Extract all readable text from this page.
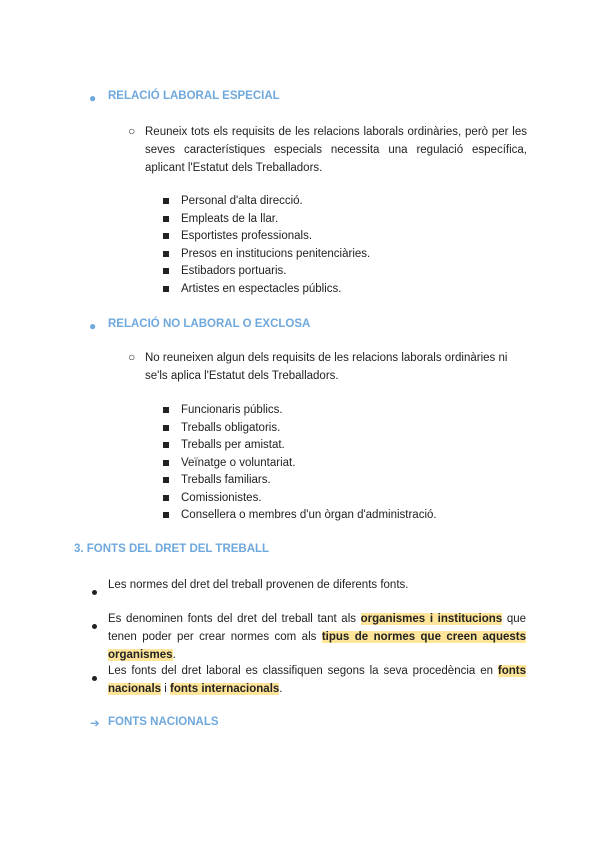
● RELACIÓ LABORAL ESPECIAL
○ Reuneix tots els requisits de les relacions laborals ordinàries, però per les seves característiques especials necessita una regulació específica, aplicant l'Estatut dels Treballadors.
Personal d'alta direcció.
Empleats de la llar.
Esportistes professionals.
Presos en institucions penitenciàries.
Estibadors portuaris.
Artistes en espectacles públics.
● RELACIÓ NO LABORAL O EXCLOSA
○ No reuneixen algun dels requisits de les relacions laborals ordinàries ni se'ls aplica l'Estatut dels Treballadors.
Funcionaris públics.
Treballs obligatoris.
Treballs per amistat.
Veïnatge o voluntariat.
Treballs familiars.
Comissionistes.
Consellera o membres d'un òrgan d'administració.
3. FONTS DEL DRET DEL TREBALL
Les normes del dret del treball provenen de diferents fonts.
Es denominen fonts del dret del treball tant als organismes i institucions que tenen poder per crear normes com als tipus de normes que creen aquests organismes.
Les fonts del dret laboral es classifiquen segons la seva procedència en fonts nacionals i fonts internacionals.
➔ FONTS NACIONALS
